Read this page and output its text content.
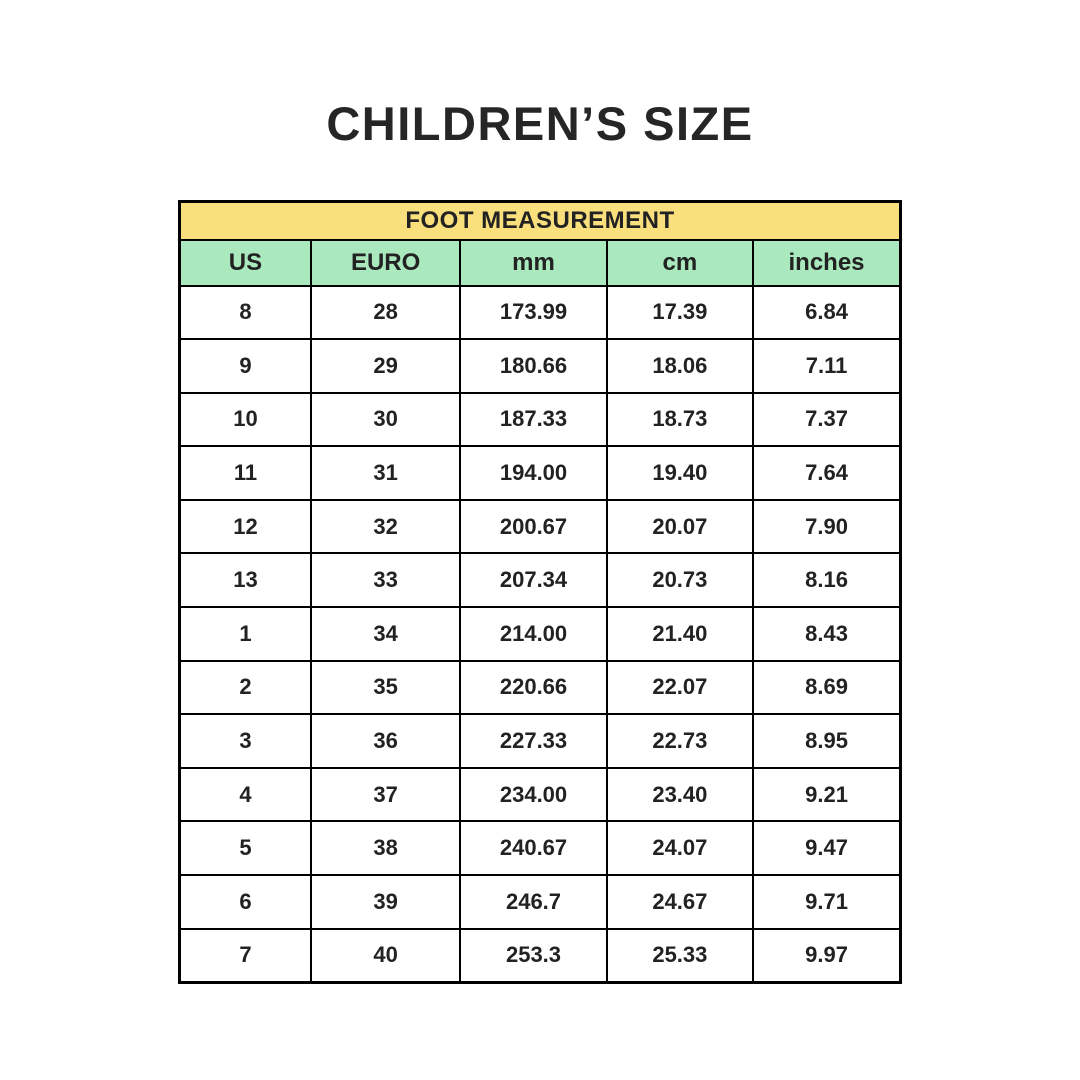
CHILDREN’S SIZE
FOOT MEASUREMENT				
US	EURO	mm	cm	inches
8	28	173.99	17.39	6.84
9	29	180.66	18.06	7.11
10	30	187.33	18.73	7.37
11	31	194.00	19.40	7.64
12	32	200.67	20.07	7.90
13	33	207.34	20.73	8.16
1	34	214.00	21.40	8.43
2	35	220.66	22.07	8.69
3	36	227.33	22.73	8.95
4	37	234.00	23.40	9.21
5	38	240.67	24.07	9.47
6	39	246.7	24.67	9.71
7	40	253.3	25.33	9.97
